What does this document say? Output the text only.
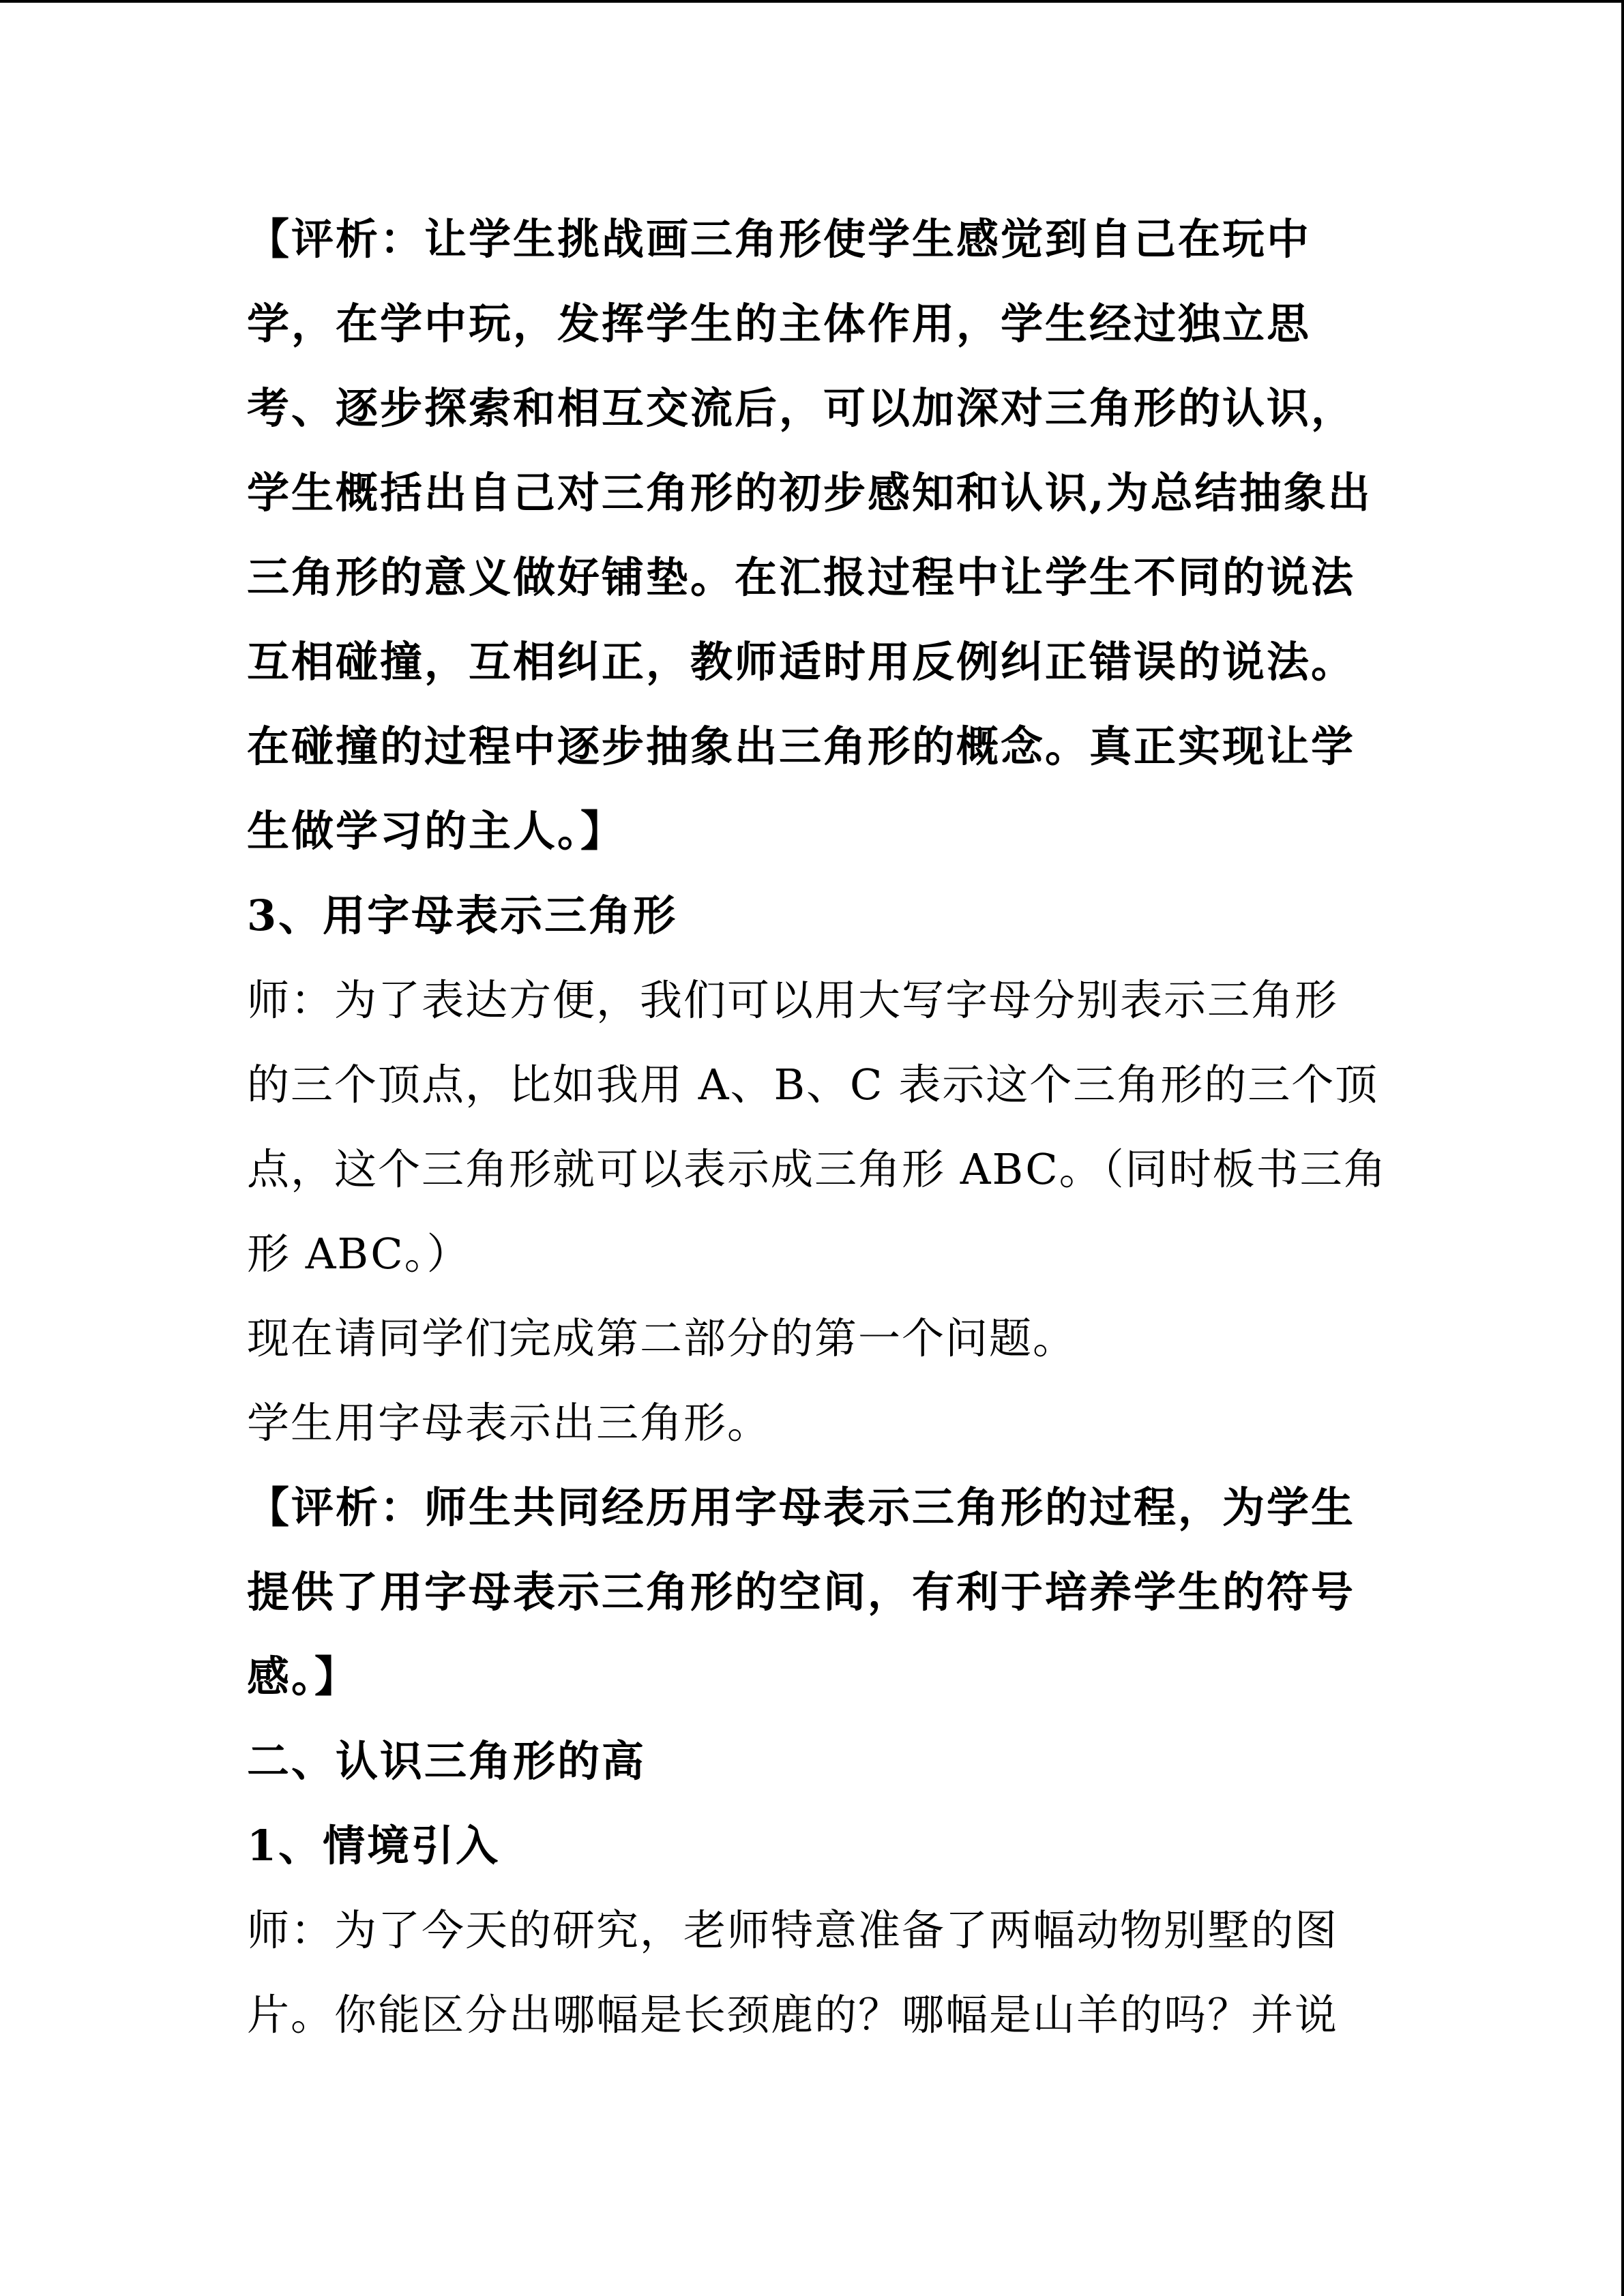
【评析：让学生挑战画三角形使学生感觉到自己在玩中
学，在学中玩，发挥学生的主体作用，学生经过独立思
考、逐步探索和相互交流后，可以加深对三角形的认识，
学生概括出自己对三角形的初步感知和认识,为总结抽象出
三角形的意义做好铺垫。在汇报过程中让学生不同的说法
互相碰撞，互相纠正，教师适时用反例纠正错误的说法。
在碰撞的过程中逐步抽象出三角形的概念。真正实现让学
生做学习的主人。】
3、用字母表示三角形
师：为了表达方便，我们可以用大写字母分别表示三角形
的三个顶点，比如我用 A、B、C 表示这个三角形的三个顶
点，这个三角形就可以表示成三角形 ABC。（同时板书三角
形 ABC。）
现在请同学们完成第二部分的第一个问题。
学生用字母表示出三角形。
【评析：师生共同经历用字母表示三角形的过程，为学生
提供了用字母表示三角形的空间，有利于培养学生的符号
感。】
二、认识三角形的高
1、情境引入
师：为了今天的研究，老师特意准备了两幅动物别墅的图
片。你能区分出哪幅是长颈鹿的？哪幅是山羊的吗？并说
